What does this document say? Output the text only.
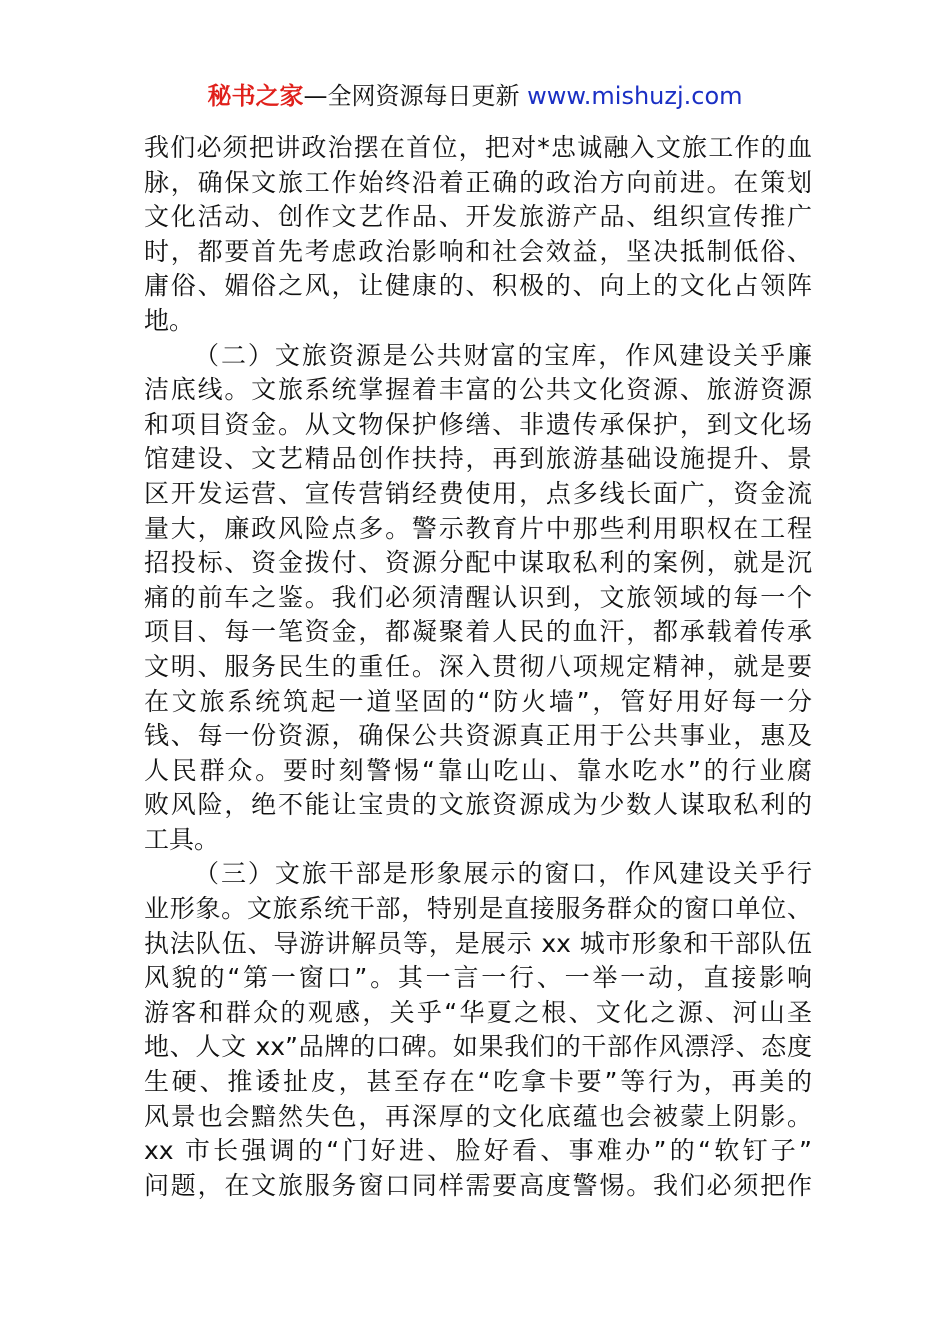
秘书之家—全网资源每日更新 www.mishuzj.com
我们必须把讲政治摆在首位，把对*忠诚融入文旅工作的血
脉，确保文旅工作始终沿着正确的政治方向前进。在策划
文化活动、创作文艺作品、开发旅游产品、组织宣传推广
时，都要首先考虑政治影响和社会效益，坚决抵制低俗、
庸俗、媚俗之风，让健康的、积极的、向上的文化占领阵
地。
（二）文旅资源是公共财富的宝库，作风建设关乎廉
洁底线。文旅系统掌握着丰富的公共文化资源、旅游资源
和项目资金。从文物保护修缮、非遗传承保护，到文化场
馆建设、文艺精品创作扶持，再到旅游基础设施提升、景
区开发运营、宣传营销经费使用，点多线长面广，资金流
量大，廉政风险点多。警示教育片中那些利用职权在工程
招投标、资金拨付、资源分配中谋取私利的案例，就是沉
痛的前车之鉴。我们必须清醒认识到，文旅领域的每一个
项目、每一笔资金，都凝聚着人民的血汗，都承载着传承
文明、服务民生的重任。深入贯彻八项规定精神，就是要
在文旅系统筑起一道坚固的“防火墙”，管好用好每一分
钱、每一份资源，确保公共资源真正用于公共事业，惠及
人民群众。要时刻警惕“靠山吃山、靠水吃水”的行业腐
败风险，绝不能让宝贵的文旅资源成为少数人谋取私利的
工具。
（三）文旅干部是形象展示的窗口，作风建设关乎行
业形象。文旅系统干部，特别是直接服务群众的窗口单位、
执法队伍、导游讲解员等，是展示 xx 城市形象和干部队伍
风貌的“第一窗口”。其一言一行、一举一动，直接影响
游客和群众的观感，关乎“华夏之根、文化之源、河山圣
地、人文 xx”品牌的口碑。如果我们的干部作风漂浮、态度
生硬、推诿扯皮，甚至存在“吃拿卡要”等行为，再美的
风景也会黯然失色，再深厚的文化底蕴也会被蒙上阴影。
xx 市长强调的“门好进、脸好看、事难办”的“软钉子”
问题，在文旅服务窗口同样需要高度警惕。我们必须把作
